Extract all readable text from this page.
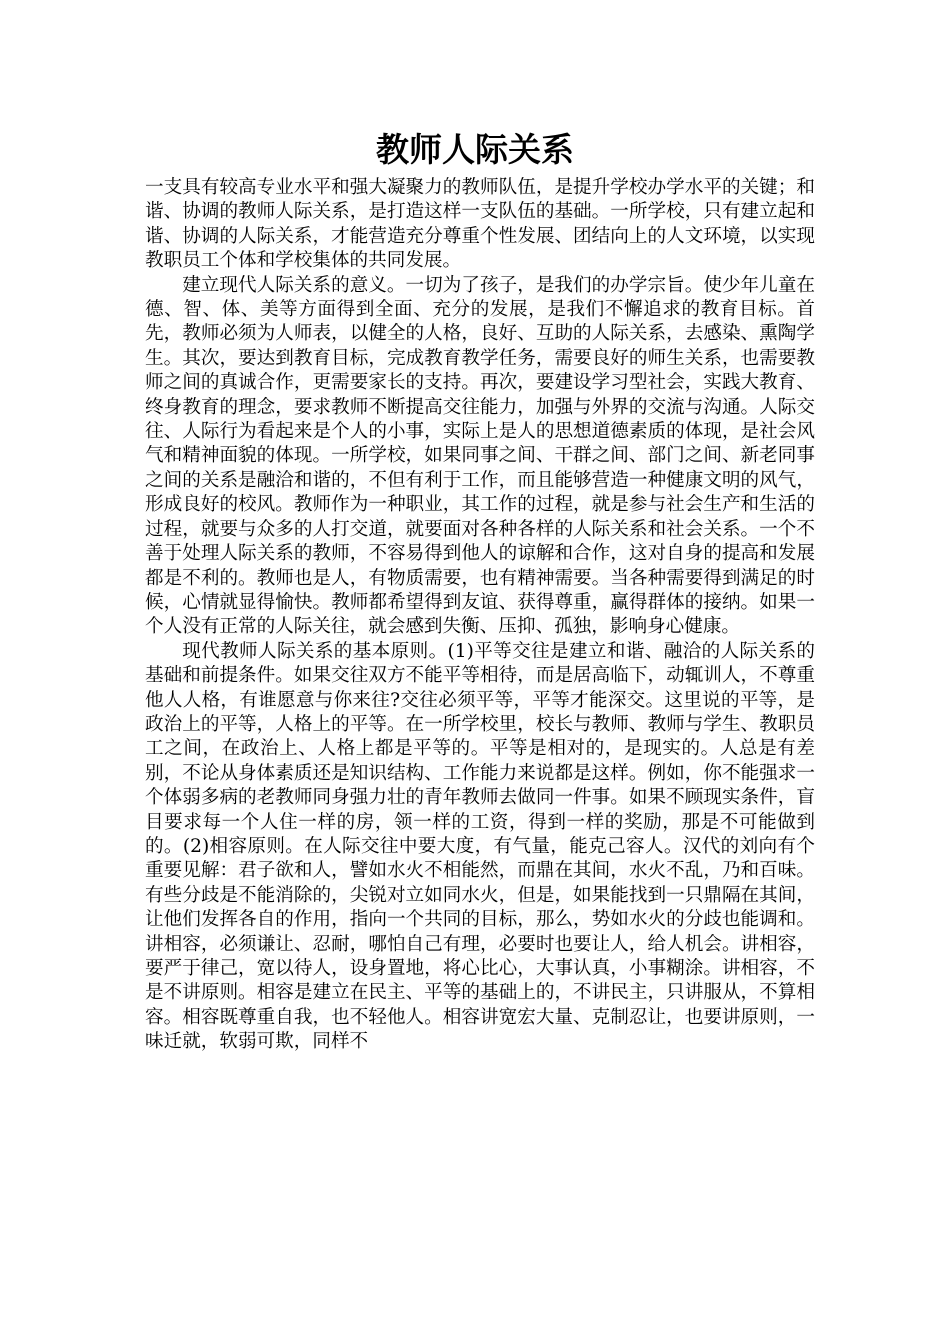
教师人际关系

一支具有较高专业水平和强大凝聚力的教师队伍，是提升学校办学水平的关键；和谐、协调的教师人际关系，是打造这样一支队伍的基础。一所学校，只有建立起和谐、协调的人际关系，才能营造充分尊重个性发展、团结向上的人文环境，以实现教职员工个体和学校集体的共同发展。

建立现代人际关系的意义。一切为了孩子，是我们的办学宗旨。使少年儿童在德、智、体、美等方面得到全面、充分的发展，是我们不懈追求的教育目标。首先，教师必须为人师表，以健全的人格，良好、互助的人际关系，去感染、熏陶学生。其次，要达到教育目标，完成教育教学任务，需要良好的师生关系，也需要教师之间的真诚合作，更需要家长的支持。再次，要建设学习型社会，实践大教育、终身教育的理念，要求教师不断提高交往能力，加强与外界的交流与沟通。人际交往、人际行为看起来是个人的小事，实际上是人的思想道德素质的体现，是社会风气和精神面貌的体现。一所学校，如果同事之间、干群之间、部门之间、新老同事之间的关系是融洽和谐的，不但有利于工作，而且能够营造一种健康文明的风气，形成良好的校风。教师作为一种职业，其工作的过程，就是参与社会生产和生活的过程，就要与众多的人打交道，就要面对各种各样的人际关系和社会关系。一个不善于处理人际关系的教师，不容易得到他人的谅解和合作，这对自身的提高和发展都是不利的。教师也是人，有物质需要，也有精神需要。当各种需要得到满足的时候，心情就显得愉快。教师都希望得到友谊、获得尊重，赢得群体的接纳。如果一个人没有正常的人际关往，就会感到失衡、压抑、孤独，影响身心健康。

现代教师人际关系的基本原则。(1)平等交往是建立和谐、融洽的人际关系的基础和前提条件。如果交往双方不能平等相待，而是居高临下，动辄训人，不尊重他人人格，有谁愿意与你来往?交往必须平等，平等才能深交。这里说的平等，是政治上的平等，人格上的平等。在一所学校里，校长与教师、教师与学生、教职员工之间，在政治上、人格上都是平等的。平等是相对的，是现实的。人总是有差别，不论从身体素质还是知识结构、工作能力来说都是这样。例如，你不能强求一个体弱多病的老教师同身强力壮的青年教师去做同一件事。如果不顾现实条件，盲目要求每一个人住一样的房，领一样的工资，得到一样的奖励，那是不可能做到的。(2)相容原则。在人际交往中要大度，有气量，能克己容人。汉代的刘向有个重要见解：君子欲和人，譬如水火不相能然，而鼎在其间，水火不乱，乃和百味。有些分歧是不能消除的，尖锐对立如同水火，但是，如果能找到一只鼎隔在其间，让他们发挥各自的作用，指向一个共同的目标，那么，势如水火的分歧也能调和。讲相容，必须谦让、忍耐，哪怕自己有理，必要时也要让人，给人机会。讲相容，要严于律己，宽以待人，设身置地，将心比心，大事认真，小事糊涂。讲相容，不是不讲原则。相容是建立在民主、平等的基础上的，不讲民主，只讲服从，不算相容。相容既尊重自我，也不轻他人。相容讲宽宏大量、克制忍让，也要讲原则，一味迁就，软弱可欺，同样不
